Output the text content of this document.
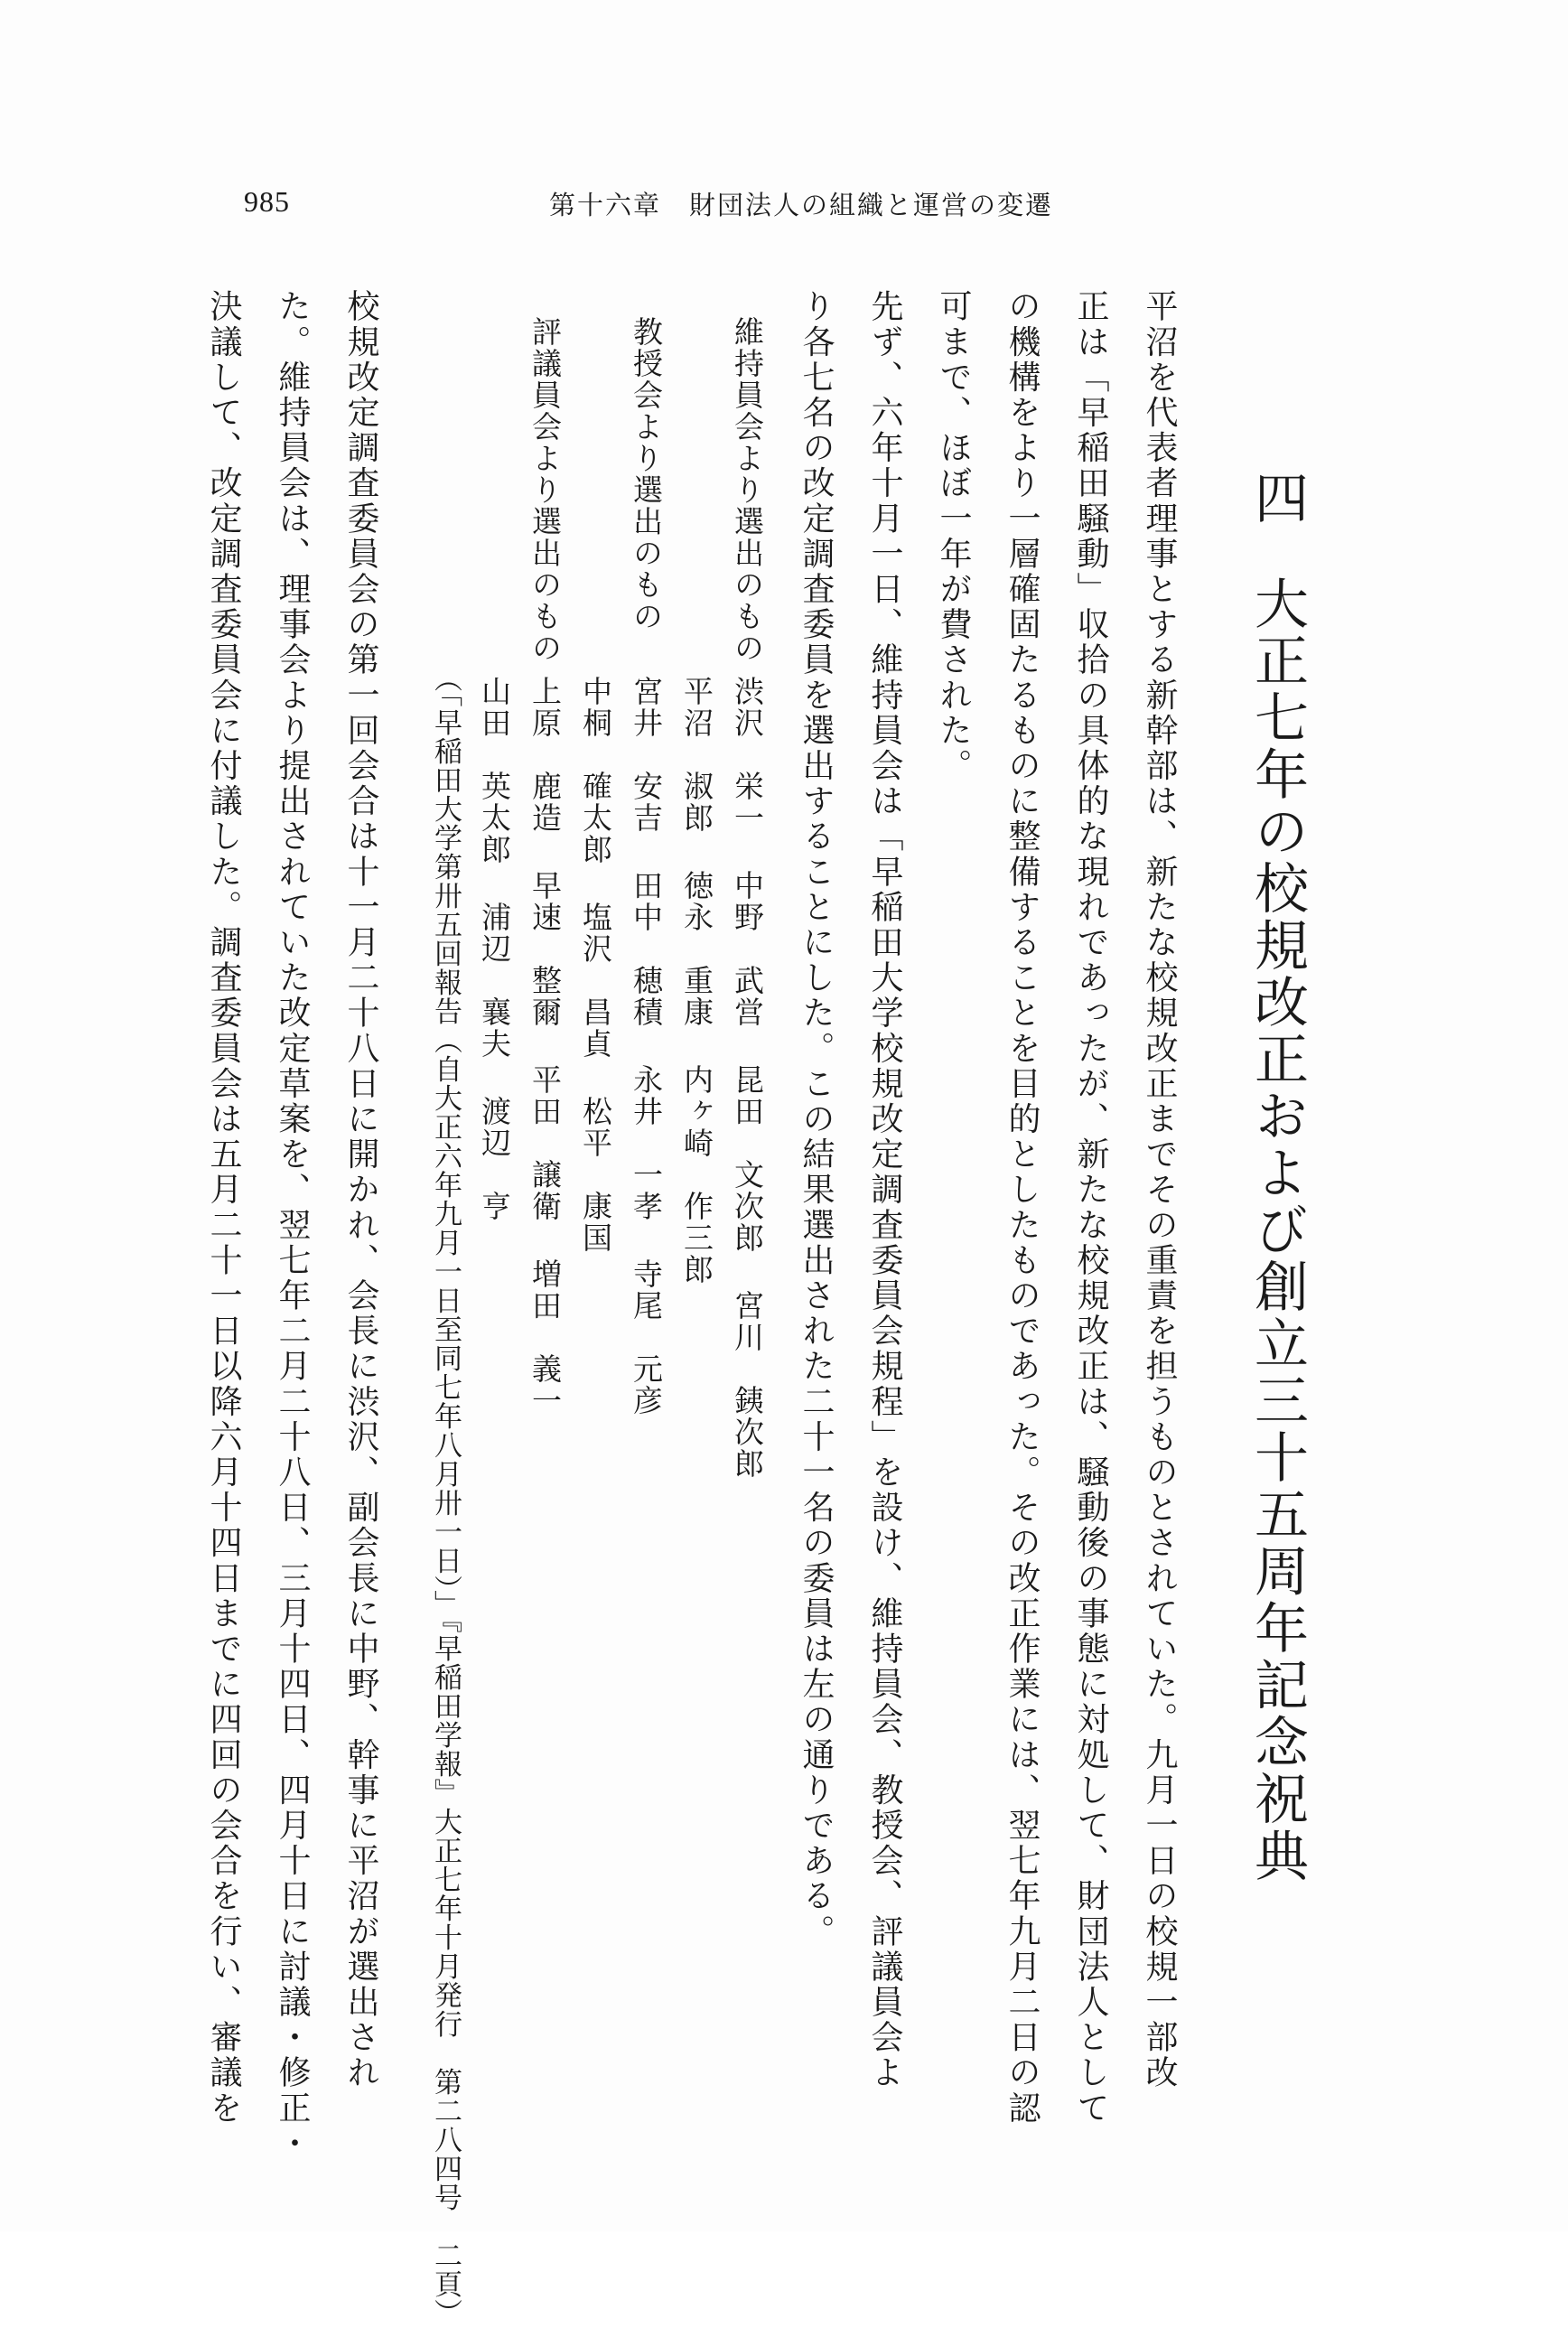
985	第十六章　財団法人の組織と運営の変遷
四大正七年の校規改正および創立三十五周年記念祝典
平沼を代表者理事とする新幹部は、新たな校規改正までその重責を担うものとされていた。九月一日の校規一部改
正は「早稲田騒動」収拾の具体的な現れであったが、新たな校規改正は、騒動後の事態に対処して、財団法人として
の機構をより一層確固たるものに整備することを目的としたものであった。その改正作業には、翌七年九月二日の認
可まで、ほぼ一年が費された。
先ず、六年十月一日、維持員会は「早稲田大学校規改定調査委員会規程」を設け、維持員会、教授会、評議員会よ
り各七名の改定調査委員を選出することにした。この結果選出された二十一名の委員は左の通りである。
維持員会より選出のもの
渋沢　栄一中野　武営昆田　文次郎宮川　銕次郎
平沼　淑郎徳永　重康内ヶ崎　作三郎
教授会より選出のもの
宮井　安吉田中　穂積永井　一孝寺尾　元彦
中桐　確太郎塩沢　昌貞松平　康国
評議員会より選出のもの
上原　鹿造早速　整爾平田　譲衛増田　義一
山田　英太郎浦辺　襄夫渡辺　亨
（「早稲田大学第卅五回報告（自大正六年九月一日至同七年八月卅一日）」『早稲田学報』大正七年十月発行　第二八四号　二頁）
校規改定調査委員会の第一回会合は十一月二十八日に開かれ、会長に渋沢、副会長に中野、幹事に平沼が選出され
た。維持員会は、理事会より提出されていた改定草案を、翌七年二月二十八日、三月十四日、四月十日に討議・修正・
決議して、改定調査委員会に付議した。調査委員会は五月二十一日以降六月十四日までに四回の会合を行い、審議を
